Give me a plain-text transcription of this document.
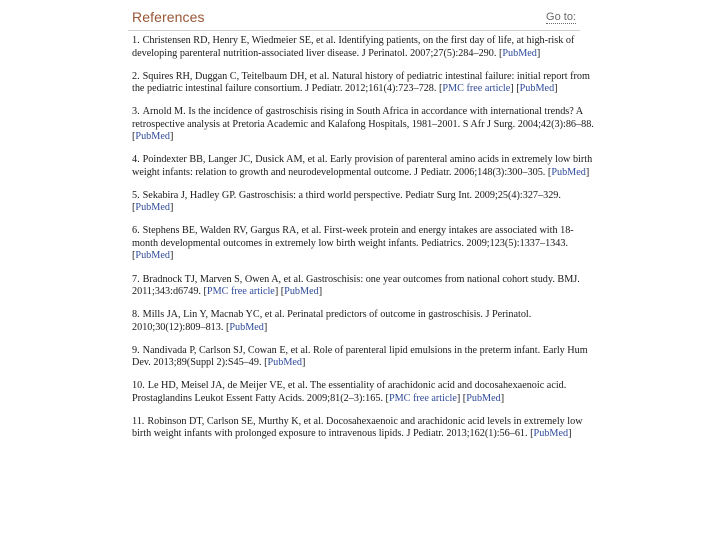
References	Go to:
1. Christensen RD, Henry E, Wiedmeier SE, et al. Identifying patients, on the first day of life, at high-risk of developing parenteral nutrition-associated liver disease. J Perinatol. 2007;27(5):284–290. [PubMed]
2. Squires RH, Duggan C, Teitelbaum DH, et al. Natural history of pediatric intestinal failure: initial report from the pediatric intestinal failure consortium. J Pediatr. 2012;161(4):723–728. [PMC free article] [PubMed]
3. Arnold M. Is the incidence of gastroschisis rising in South Africa in accordance with international trends? A retrospective analysis at Pretoria Academic and Kalafong Hospitals, 1981–2001. S Afr J Surg. 2004;42(3):86–88. [PubMed]
4. Poindexter BB, Langer JC, Dusick AM, et al. Early provision of parenteral amino acids in extremely low birth weight infants: relation to growth and neurodevelopmental outcome. J Pediatr. 2006;148(3):300–305. [PubMed]
5. Sekabira J, Hadley GP. Gastroschisis: a third world perspective. Pediatr Surg Int. 2009;25(4):327–329. [PubMed]
6. Stephens BE, Walden RV, Gargus RA, et al. First-week protein and energy intakes are associated with 18-month developmental outcomes in extremely low birth weight infants. Pediatrics. 2009;123(5):1337–1343. [PubMed]
7. Bradnock TJ, Marven S, Owen A, et al. Gastroschisis: one year outcomes from national cohort study. BMJ. 2011;343:d6749. [PMC free article] [PubMed]
8. Mills JA, Lin Y, Macnab YC, et al. Perinatal predictors of outcome in gastroschisis. J Perinatol. 2010;30(12):809–813. [PubMed]
9. Nandivada P, Carlson SJ, Cowan E, et al. Role of parenteral lipid emulsions in the preterm infant. Early Hum Dev. 2013;89(Suppl 2):S45–49. [PubMed]
10. Le HD, Meisel JA, de Meijer VE, et al. The essentiality of arachidonic acid and docosahexaenoic acid. Prostaglandins Leukot Essent Fatty Acids. 2009;81(2–3):165. [PMC free article] [PubMed]
11. Robinson DT, Carlson SE, Murthy K, et al. Docosahexaenoic and arachidonic acid levels in extremely low birth weight infants with prolonged exposure to intravenous lipids. J Pediatr. 2013;162(1):56–61. [PubMed]
